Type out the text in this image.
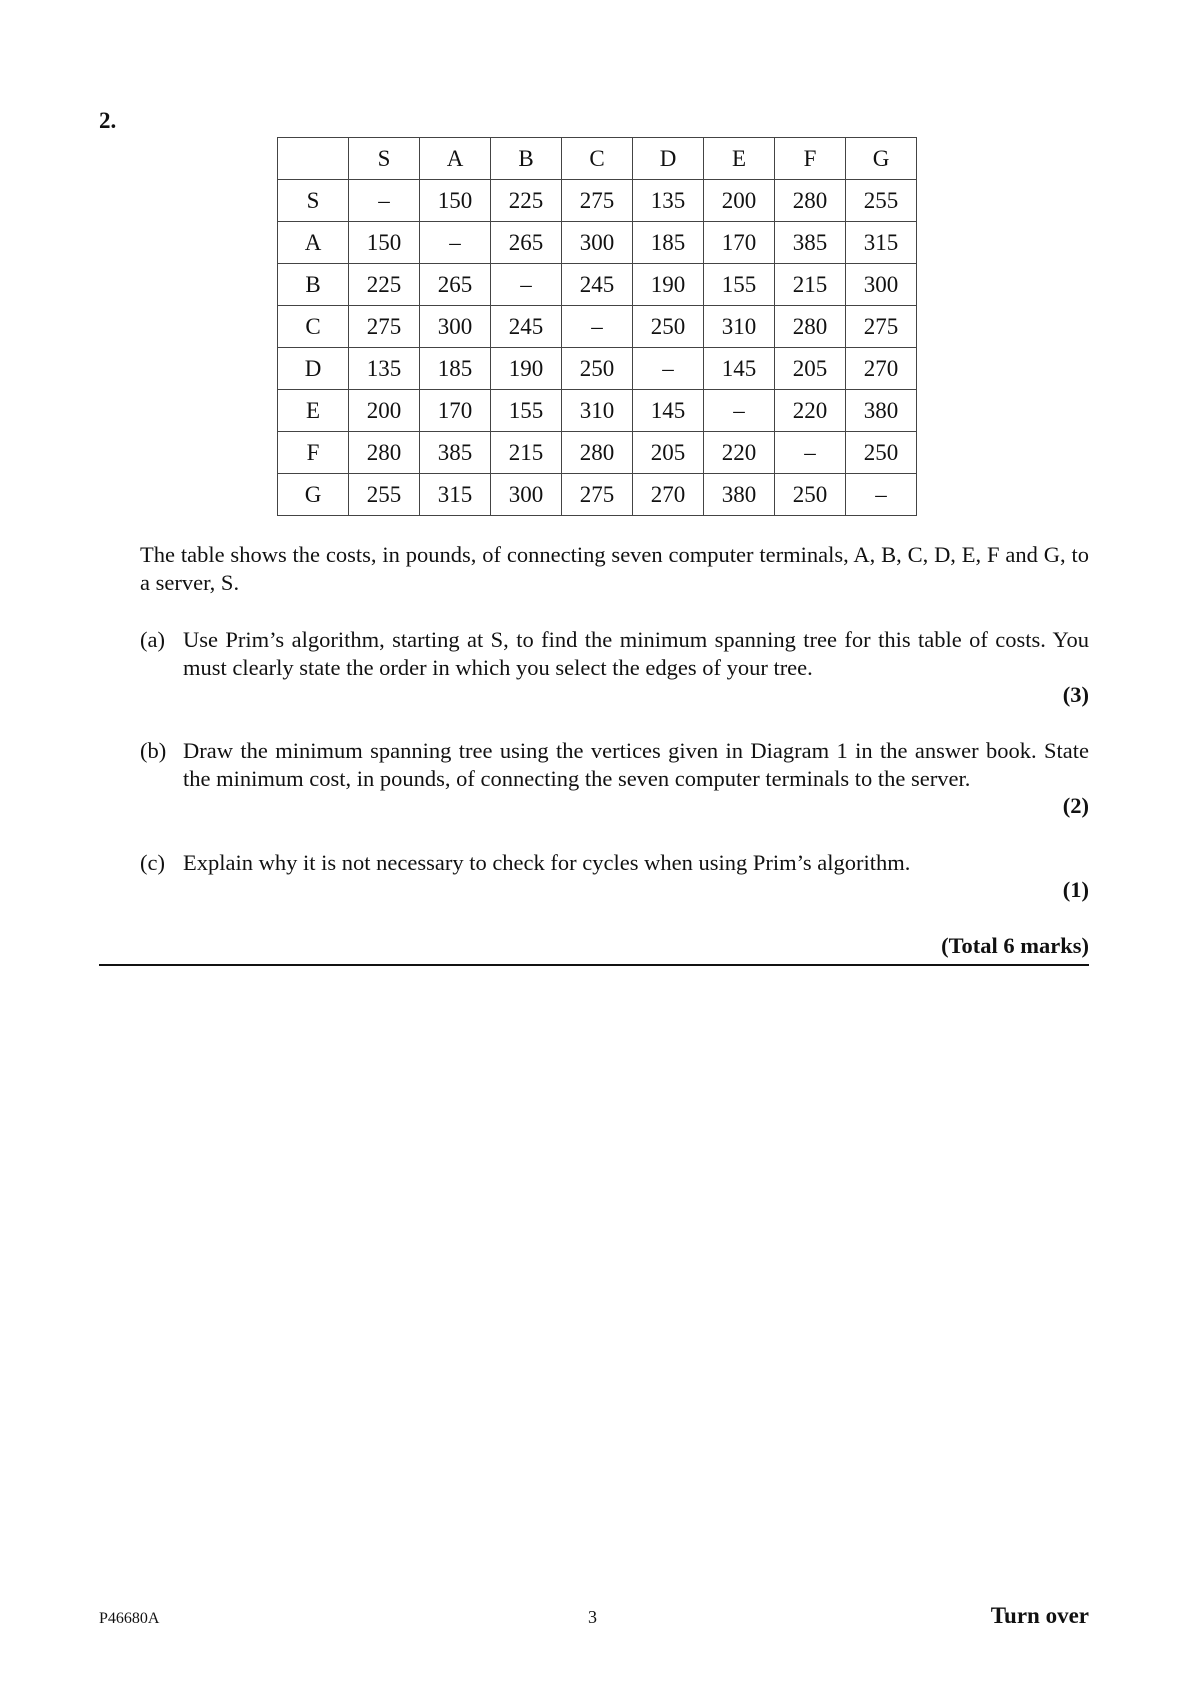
2.
	S	A	B	C	D	E	F	G
S	–	150	225	275	135	200	280	255
A	150	–	265	300	185	170	385	315
B	225	265	–	245	190	155	215	300
C	275	300	245	–	250	310	280	275
D	135	185	190	250	–	145	205	270
E	200	170	155	310	145	–	220	380
F	280	385	215	280	205	220	–	250
G	255	315	300	275	270	380	250	–
The table shows the costs, in pounds, of connecting seven computer terminals, A, B, C, D, E, F and G, to a server, S.
(a) Use Prim’s algorithm, starting at S, to find the minimum spanning tree for this table of costs. You must clearly state the order in which you select the edges of your tree.
(3)
(b) Draw the minimum spanning tree using the vertices given in Diagram 1 in the answer book. State the minimum cost, in pounds, of connecting the seven computer terminals to the server.
(2)
(c) Explain why it is not necessary to check for cycles when using Prim’s algorithm.
(1)
(Total 6 marks)
P46680A	3	Turn over
